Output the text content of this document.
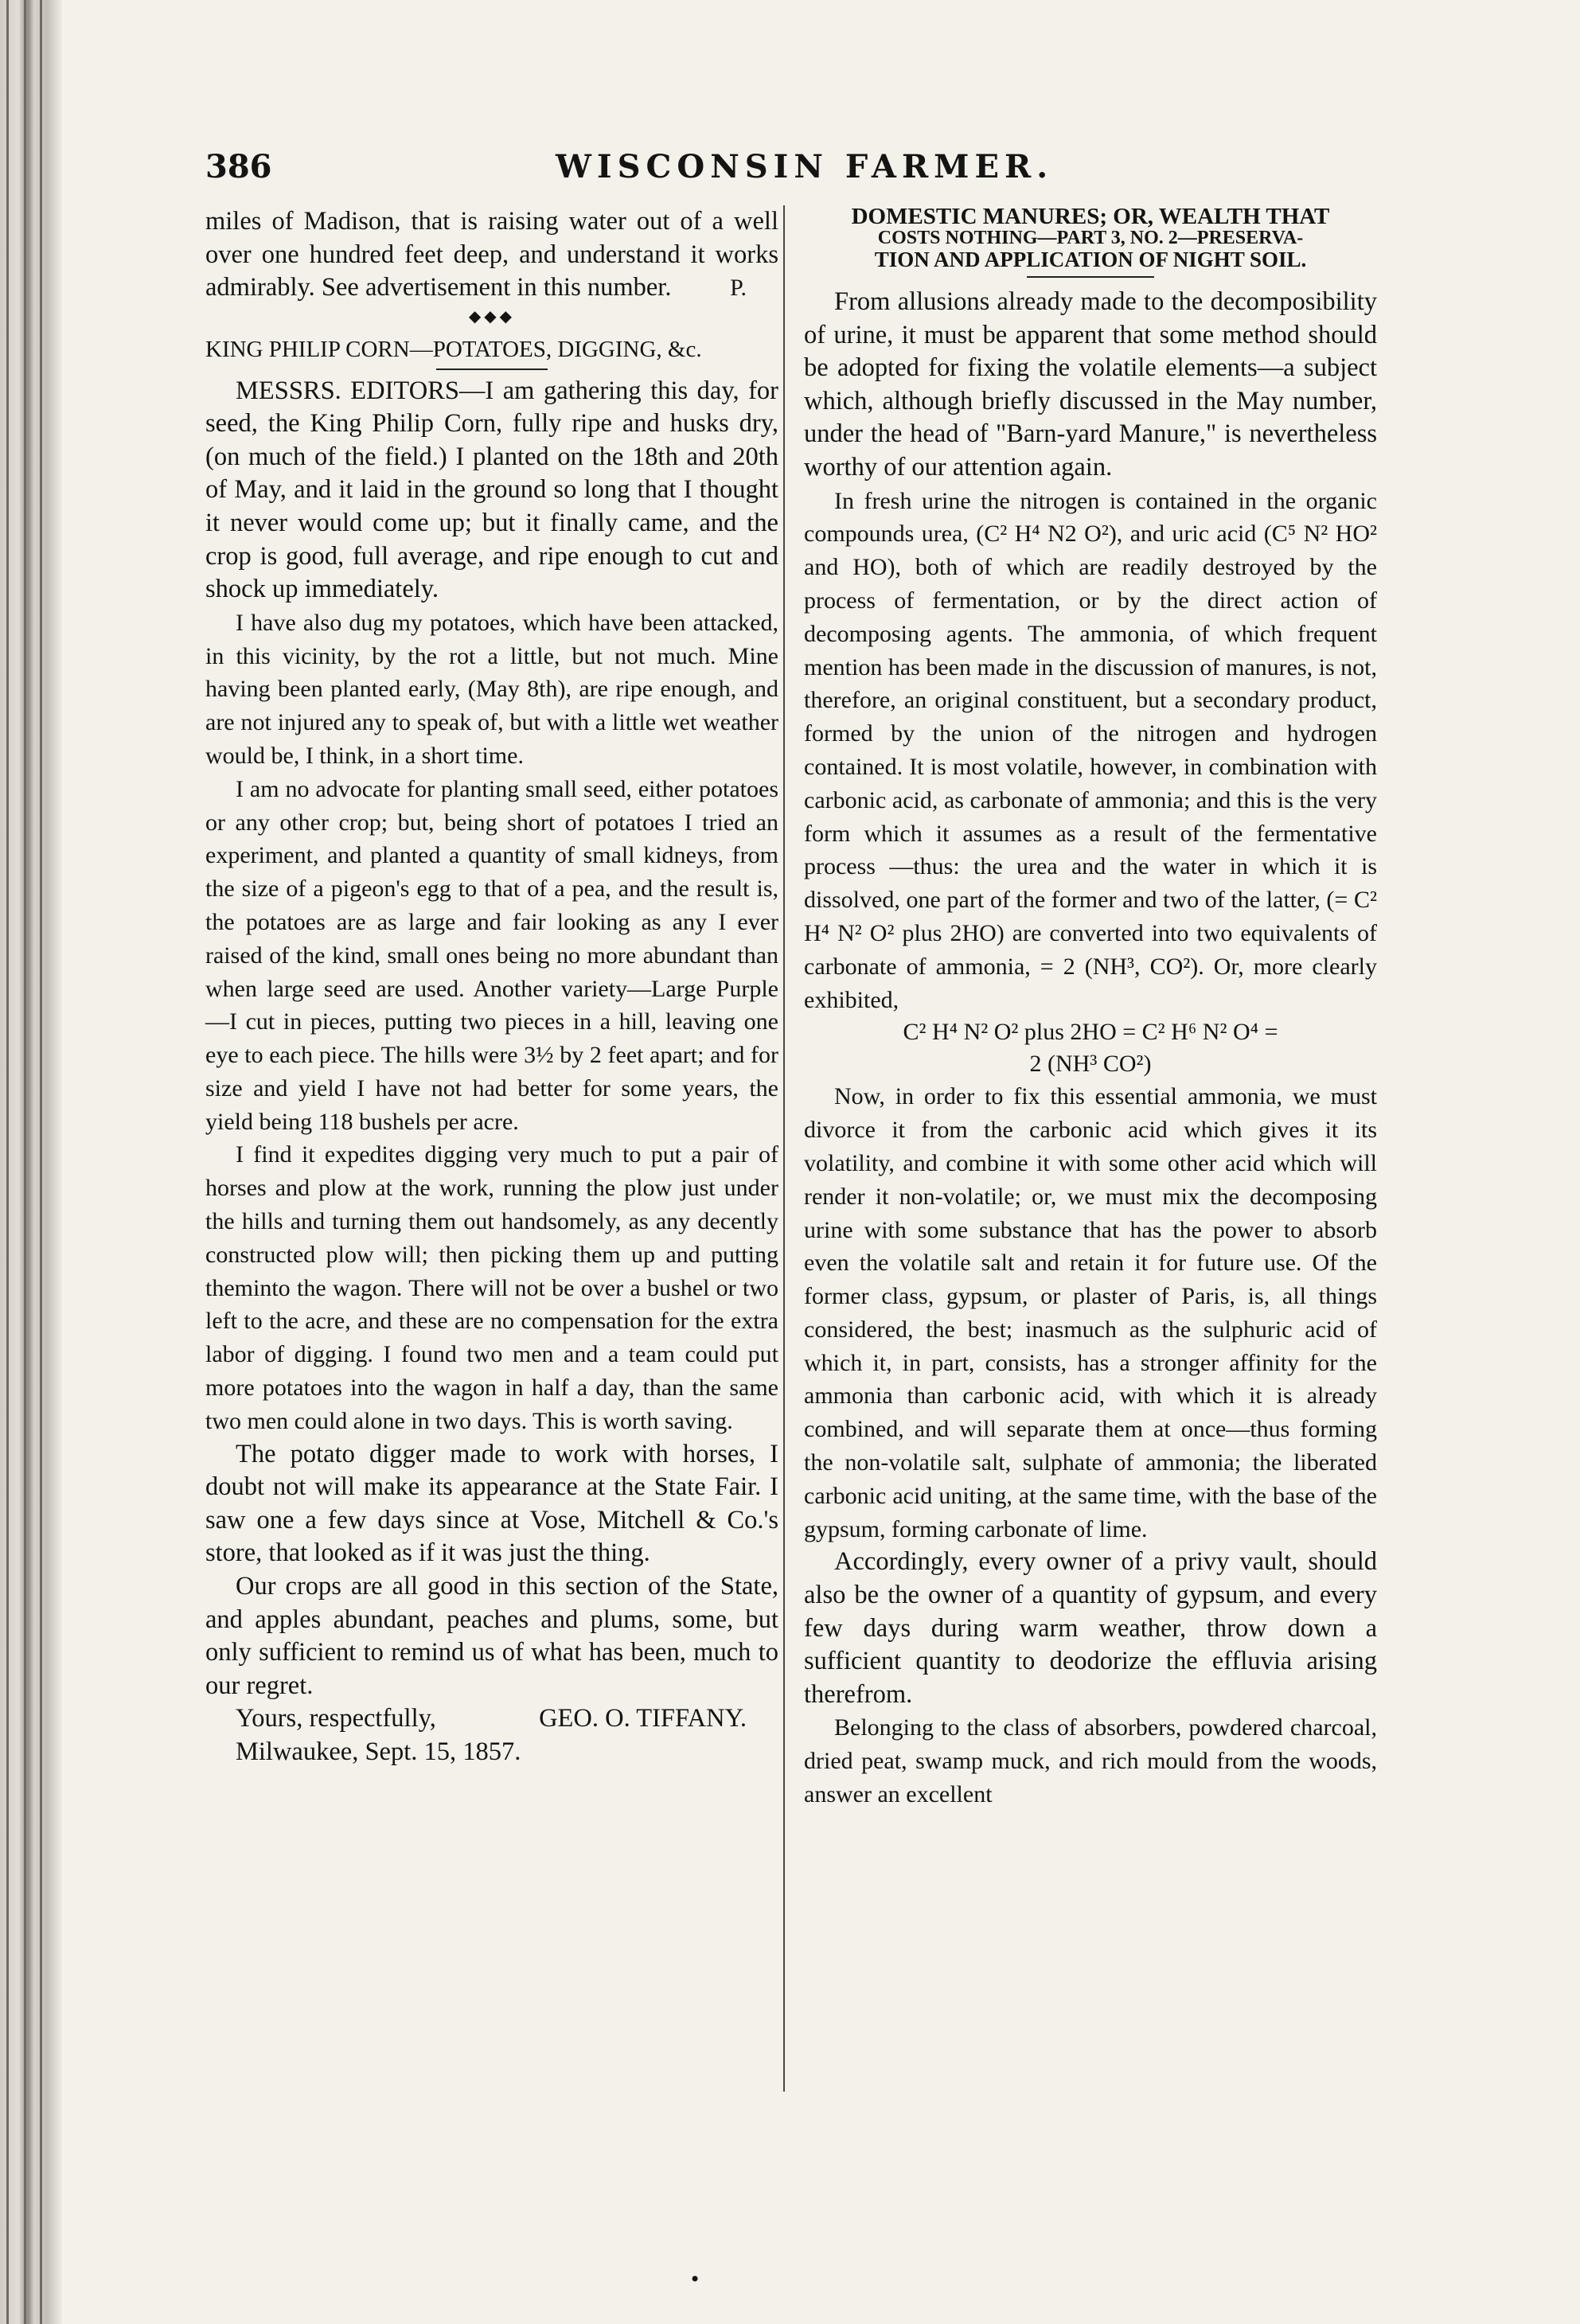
386	WISCONSIN FARMER.

miles of Madison, that is raising water out of a well over one hundred feet deep, and understand it works admirably. See advertisement in this number.	P.

◆◆◆

KING PHILIP CORN—POTATOES, DIGGING, &c.

MESSRS. EDITORS—I am gathering this day, for seed, the King Philip Corn, fully ripe and husks dry, (on much of the field.) I planted on the 18th and 20th of May, and it laid in the ground so long that I thought it never would come up; but it finally came, and the crop is good, full average, and ripe enough to cut and shock up immediately.

I have also dug my potatoes, which have been attacked, in this vicinity, by the rot a little, but not much. Mine having been planted early, (May 8th), are ripe enough, and are not injured any to speak of, but with a little wet weather would be, I think, in a short time.

I am no advocate for planting small seed, either potatoes or any other crop; but, being short of potatoes I tried an experiment, and planted a quantity of small kidneys, from the size of a pigeon's egg to that of a pea, and the result is, the potatoes are as large and fair looking as any I ever raised of the kind, small ones being no more abundant than when large seed are used. Another variety—Large Purple —I cut in pieces, putting two pieces in a hill, leaving one eye to each piece. The hills were 3½ by 2 feet apart; and for size and yield I have not had better for some years, the yield being 118 bushels per acre.

I find it expedites digging very much to put a pair of horses and plow at the work, running the plow just under the hills and turning them out handsomely, as any decently constructed plow will; then picking them up and putting theminto the wagon. There will not be over a bushel or two left to the acre, and these are no compensation for the extra labor of digging. I found two men and a team could put more potatoes into the wagon in half a day, than the same two men could alone in two days. This is worth saving.

The potato digger made to work with horses, I doubt not will make its appearance at the State Fair. I saw one a few days since at Vose, Mitchell & Co.'s store, that looked as if it was just the thing.

Our crops are all good in this section of the State, and apples abundant, peaches and plums, some, but only sufficient to remind us of what has been, much to our regret.

Yours, respectfully,	GEO. O. TIFFANY.

Milwaukee, Sept. 15, 1857.

DOMESTIC MANURES; OR, WEALTH THAT

COSTS NOTHING—PART 3, NO. 2—PRESERVA-

TION AND APPLICATION OF NIGHT SOIL.

From allusions already made to the decomposibility of urine, it must be apparent that some method should be adopted for fixing the volatile elements—a subject which, although briefly discussed in the May number, under the head of "Barn-yard Manure," is nevertheless worthy of our attention again.

In fresh urine the nitrogen is contained in the organic compounds urea, (C² H⁴ N2 O²), and uric acid (C⁵ N² HO² and HO), both of which are readily destroyed by the process of fermentation, or by the direct action of decomposing agents. The ammonia, of which frequent mention has been made in the discussion of manures, is not, therefore, an original constituent, but a secondary product, formed by the union of the nitrogen and hydrogen contained. It is most volatile, however, in combination with carbonic acid, as carbonate of ammonia; and this is the very form which it assumes as a result of the fermentative process —thus: the urea and the water in which it is dissolved, one part of the former and two of the latter, (= C² H⁴ N² O² plus 2HO) are converted into two equivalents of carbonate of ammonia, = 2 (NH³, CO²). Or, more clearly exhibited,

C² H⁴ N² O² plus 2HO = C² H⁶ N² O⁴ =

2 (NH³ CO²)

Now, in order to fix this essential ammonia, we must divorce it from the carbonic acid which gives it its volatility, and combine it with some other acid which will render it non-volatile; or, we must mix the decomposing urine with some substance that has the power to absorb even the volatile salt and retain it for future use. Of the former class, gypsum, or plaster of Paris, is, all things considered, the best; inasmuch as the sulphuric acid of which it, in part, consists, has a stronger affinity for the ammonia than carbonic acid, with which it is already combined, and will separate them at once—thus forming the non-volatile salt, sulphate of ammonia; the liberated carbonic acid uniting, at the same time, with the base of the gypsum, forming carbonate of lime.

Accordingly, every owner of a privy vault, should also be the owner of a quantity of gypsum, and every few days during warm weather, throw down a sufficient quantity to deodorize the effluvia arising therefrom.

Belonging to the class of absorbers, powdered charcoal, dried peat, swamp muck, and rich mould from the woods, answer an excellent

•
